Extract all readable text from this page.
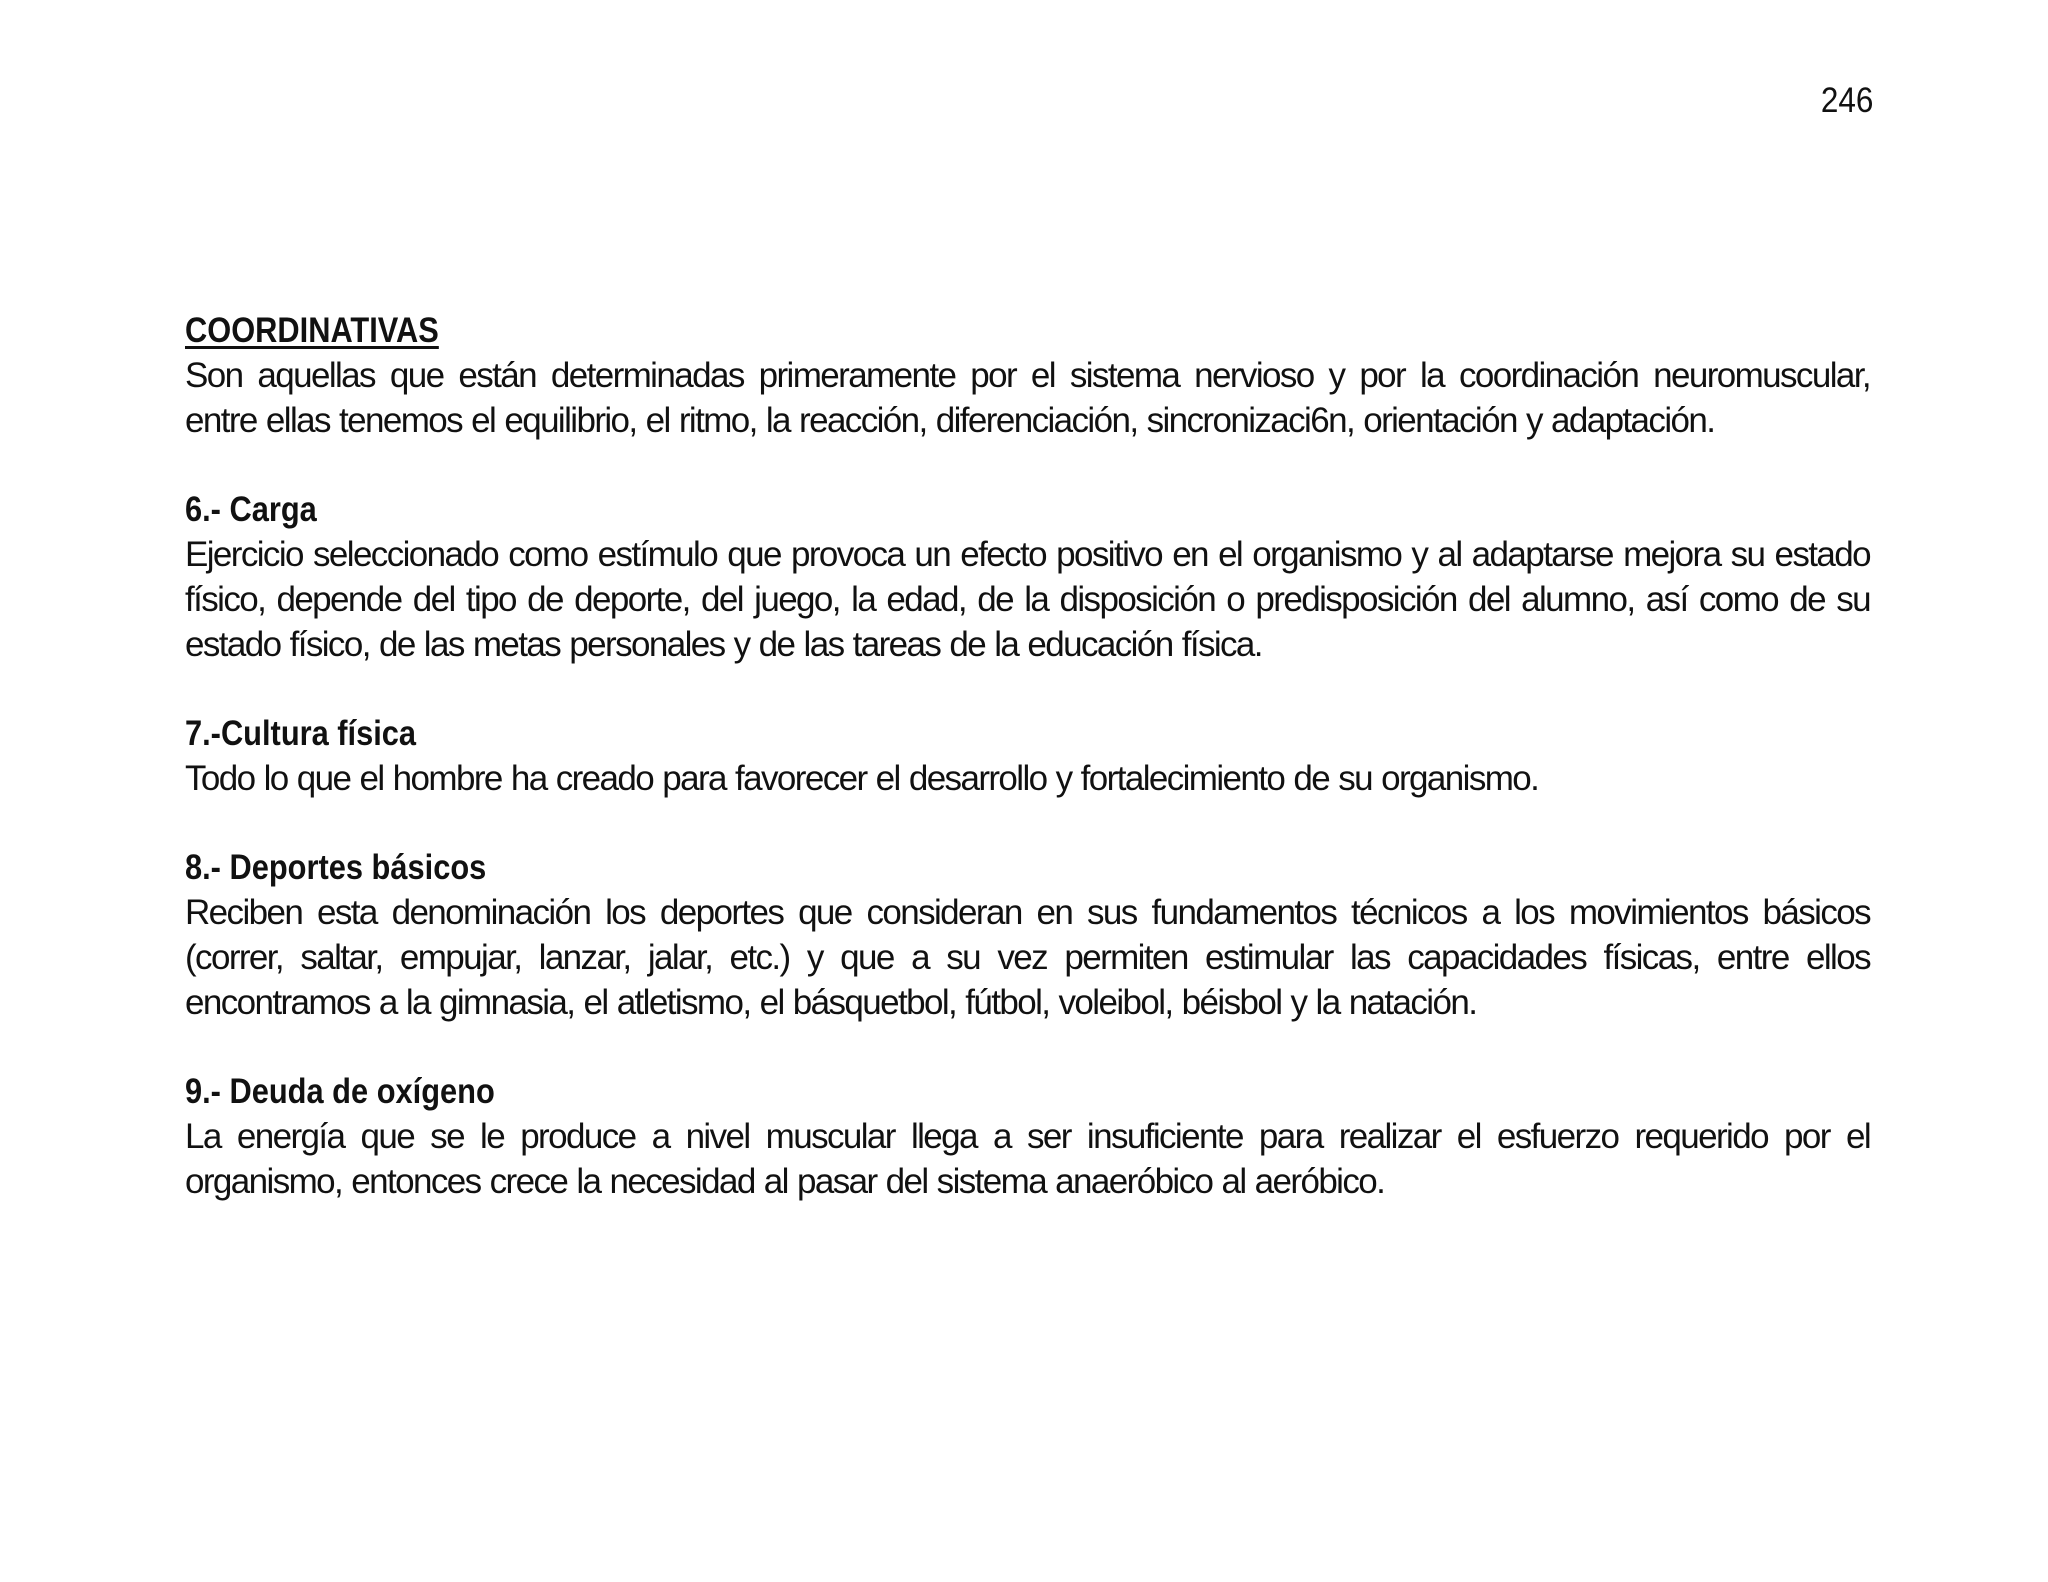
246

COORDINATIVAS

Son aquellas que están determinadas primeramente por el sistema nervioso y por la coordinación neuromuscular, entre ellas tenemos el equilibrio, el ritmo, la reacción, diferenciación, sincronizaci6n, orientación y adaptación.

6.- Carga

Ejercicio seleccionado como estímulo que provoca un efecto positivo en el organismo y al adaptarse mejora su estado físico, depende del tipo de deporte, del juego, la edad, de la disposición o predisposición del alumno, así como de su estado físico, de las metas personales y de las tareas de la educación física.

7.-Cultura física

Todo lo que el hombre ha creado para favorecer el desarrollo y fortalecimiento de su organismo.

8.- Deportes básicos

Reciben esta denominación los deportes que consideran en sus fundamentos técnicos a los movimientos básicos (correr, saltar, empujar, lanzar, jalar, etc.) y que a su vez permiten estimular las capacidades físicas, entre ellos encontramos a la gimnasia, el atletismo, el básquetbol, fútbol, voleibol, béisbol y la natación.

9.- Deuda de oxígeno

La energía que se le produce a nivel muscular llega a ser insuficiente para realizar el esfuerzo requerido por el organismo, entonces crece la necesidad al pasar del sistema anaeróbico al aeróbico.
